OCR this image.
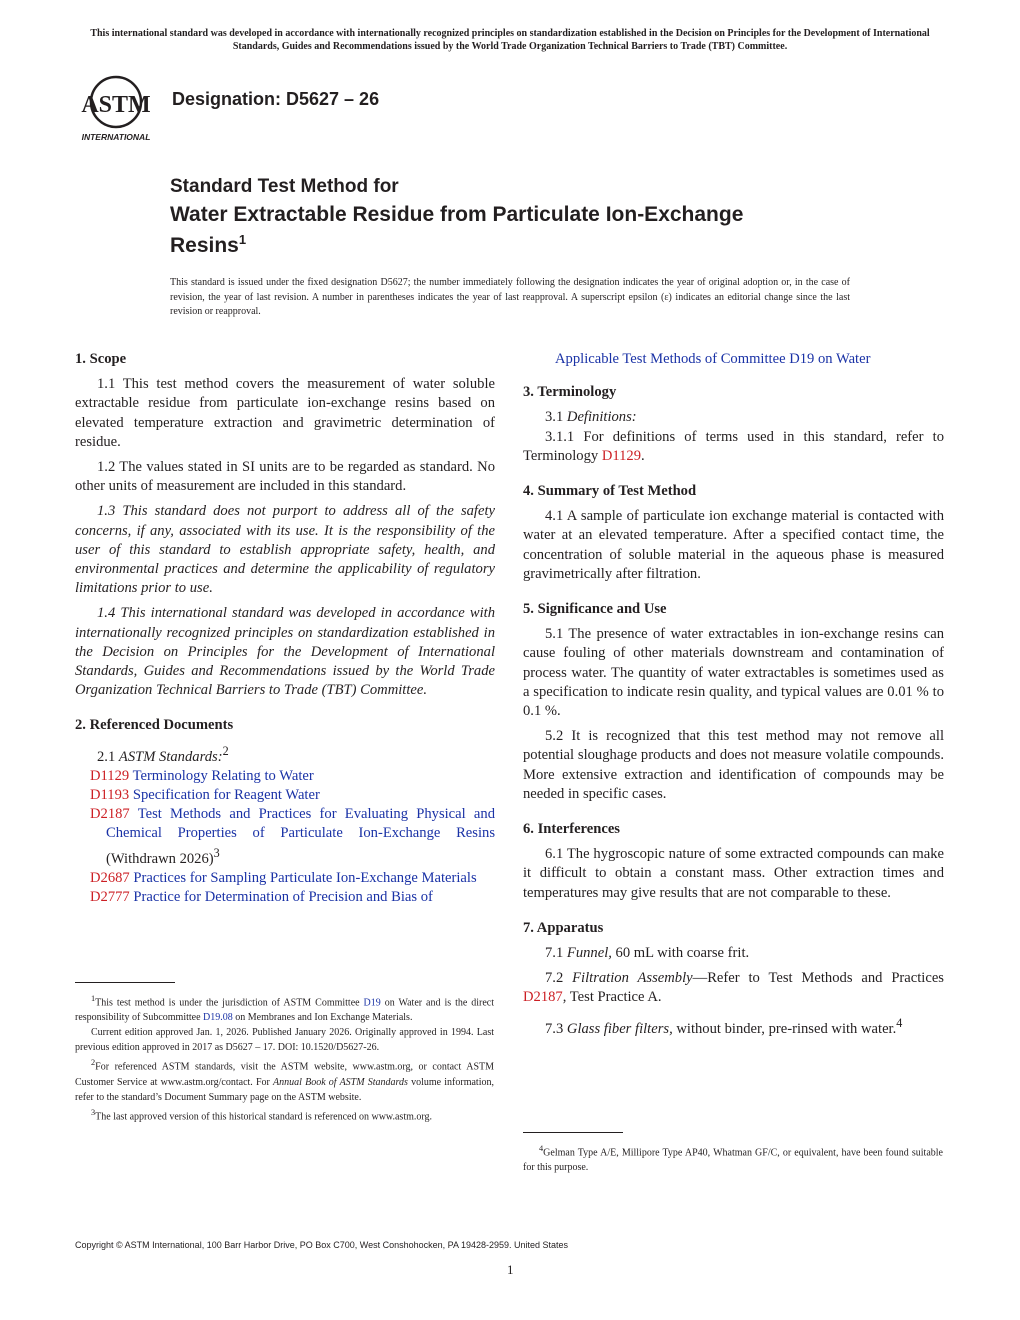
This international standard was developed in accordance with internationally recognized principles on standardization established in the Decision on Principles for the Development of International Standards, Guides and Recommendations issued by the World Trade Organization Technical Barriers to Trade (TBT) Committee.
ASTM
INTERNATIONAL
Designation: D5627 – 26
Standard Test Method for
Water Extractable Residue from Particulate Ion-Exchange
Resins$^1$
This standard is issued under the fixed designation D5627; the number immediately following the designation indicates the year of original adoption or, in the case of revision, the year of last revision. A number in parentheses indicates the year of last reapproval. A superscript epsilon (ε) indicates an editorial change since the last revision or reapproval.
1. Scope

1.1 This test method covers the measurement of water soluble extractable residue from particulate ion-exchange resins based on elevated temperature extraction and gravimetric determination of residue.

1.2 The values stated in SI units are to be regarded as standard. No other units of measurement are included in this standard.

1.3 This standard does not purport to address all of the safety concerns, if any, associated with its use. It is the responsibility of the user of this standard to establish appropriate safety, health, and environmental practices and determine the applicability of regulatory limitations prior to use.

1.4 This international standard was developed in accordance with internationally recognized principles on standardization established in the Decision on Principles for the Development of International Standards, Guides and Recommendations issued by the World Trade Organization Technical Barriers to Trade (TBT) Committee.

2. Referenced Documents

2.1 ASTM Standards:$^2$

D1129 Terminology Relating to Water
D1193 Specification for Reagent Water
D2187 Test Methods and Practices for Evaluating Physical and Chemical Properties of Particulate Ion-Exchange Resins (Withdrawn 2026)$^3$
D2687 Practices for Sampling Particulate Ion-Exchange Materials
D2777 Practice for Determination of Precision and Bias of
Applicable Test Methods of Committee D19 on Water
3. Terminology

3.1 Definitions:

3.1.1 For definitions of terms used in this standard, refer to Terminology D1129.

4. Summary of Test Method

4.1 A sample of particulate ion exchange material is contacted with water at an elevated temperature. After a specified contact time, the concentration of soluble material in the aqueous phase is measured gravimetrically after filtration.

5. Significance and Use

5.1 The presence of water extractables in ion-exchange resins can cause fouling of other materials downstream and contamination of process water. The quantity of water extractables is sometimes used as a specification to indicate resin quality, and typical values are 0.01 % to 0.1 %.

5.2 It is recognized that this test method may not remove all potential sloughage products and does not measure volatile compounds. More extensive extraction and identification of compounds may be needed in specific cases.

6. Interferences

6.1 The hygroscopic nature of some extracted compounds can make it difficult to obtain a constant mass. Other extraction times and temperatures may give results that are not comparable to these.

7. Apparatus

7.1 Funnel, 60 mL with coarse frit.

7.2 Filtration Assembly—Refer to Test Methods and Practices D2187, Test Practice A.

7.3 Glass fiber filters, without binder, pre-rinsed with water.$^4$

$^1$This test method is under the jurisdiction of ASTM Committee D19 on Water and is the direct responsibility of Subcommittee D19.08 on Membranes and Ion Exchange Materials.

Current edition approved Jan. 1, 2026. Published January 2026. Originally approved in 1994. Last previous edition approved in 2017 as D5627 – 17. DOI: 10.1520/D5627-26.

$^2$For referenced ASTM standards, visit the ASTM website, www.astm.org, or contact ASTM Customer Service at www.astm.org/contact. For Annual Book of ASTM Standards volume information, refer to the standard’s Document Summary page on the ASTM website.

$^3$The last approved version of this historical standard is referenced on www.astm.org.

$^4$Gelman Type A/E, Millipore Type AP40, Whatman GF/C, or equivalent, have been found suitable for this purpose.

Copyright © ASTM International, 100 Barr Harbor Drive, PO Box C700, West Conshohocken, PA 19428-2959. United States
1
